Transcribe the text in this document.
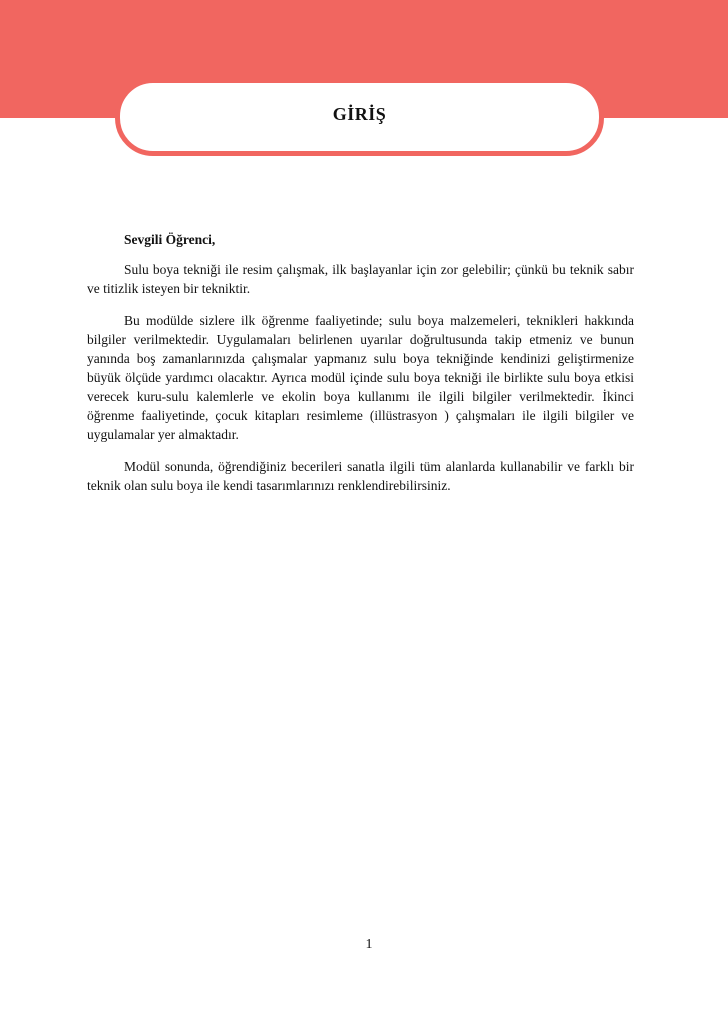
GİRİŞ

Sevgili Öğrenci,

Sulu boya tekniği ile resim çalışmak, ilk başlayanlar için zor gelebilir; çünkü bu teknik sabır ve titizlik isteyen bir tekniktir.

Bu modülde sizlere ilk öğrenme faaliyetinde; sulu boya malzemeleri, teknikleri hakkında bilgiler verilmektedir. Uygulamaları belirlenen uyarılar doğrultusunda takip etmeniz ve bunun yanında boş zamanlarınızda çalışmalar yapmanız sulu boya tekniğinde kendinizi geliştirmenize büyük ölçüde yardımcı olacaktır. Ayrıca modül içinde sulu boya tekniği ile birlikte sulu boya etkisi verecek kuru-sulu kalemlerle ve ekolin boya kullanımı ile ilgili bilgiler verilmektedir. İkinci öğrenme faaliyetinde, çocuk kitapları resimleme (illüstrasyon ) çalışmaları ile ilgili bilgiler ve uygulamalar yer almaktadır.

Modül sonunda, öğrendiğiniz becerileri sanatla ilgili tüm alanlarda kullanabilir ve farklı bir teknik olan sulu boya ile kendi tasarımlarınızı renklendirebilirsiniz.

1
